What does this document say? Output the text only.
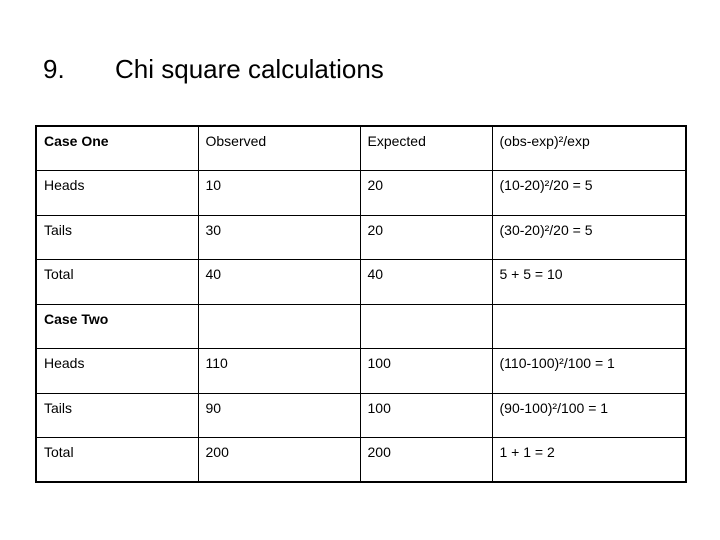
9. Chi square calculations
Case One	Observed	Expected	(obs-exp)²/exp
Heads	10	20	(10-20)²/20 = 5
Tails	30	20	(30-20)²/20 = 5
Total	40	40	5 + 5 = 10
Case Two			
Heads	110	100	(110-100)²/100 = 1
Tails	90	100	(90-100)²/100 = 1
Total	200	200	1 + 1 = 2
